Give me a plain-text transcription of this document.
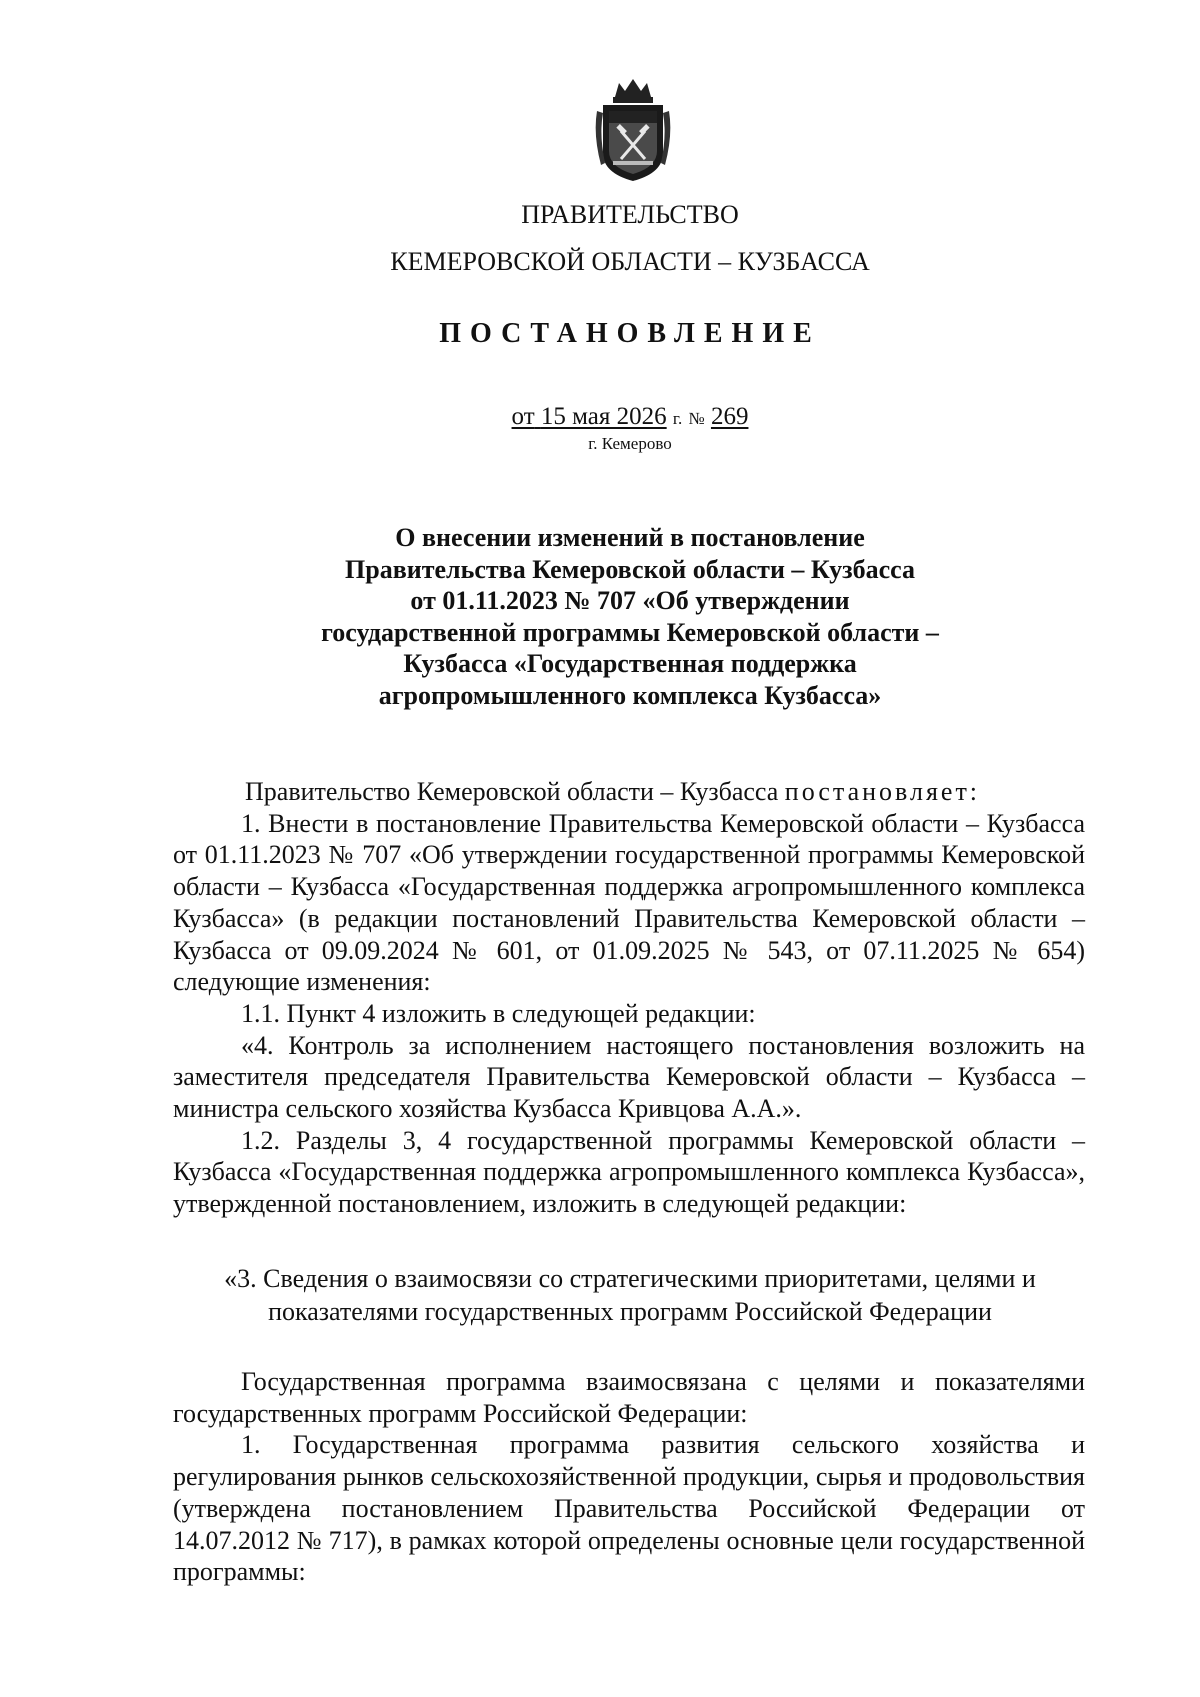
ПРАВИТЕЛЬСТВО
КЕМЕРОВСКОЙ ОБЛАСТИ – КУЗБАССА
ПОСТАНОВЛЕНИЕ
от 15 мая 2026 г. № 269
г. Кемерово
О внесении изменений в постановление
Правительства Кемеровской области – Кузбасса
от 01.11.2023 № 707 «Об утверждении
государственной программы Кемеровской области –
Кузбасса «Государственная поддержка
агропромышленного комплекса Кузбасса»

Правительство Кемеровской области – Кузбасса постановляет:

1. Внести в постановление Правительства Кемеровской области – Кузбасса от 01.11.2023 № 707 «Об утверждении государственной программы Кемеровской области – Кузбасса «Государственная поддержка агропромышленного комплекса Кузбасса» (в редакции постановлений Правительства Кемеровской области – Кузбасса от 09.09.2024 № 601, от 01.09.2025 № 543, от 07.11.2025 № 654) следующие изменения:

1.1. Пункт 4 изложить в следующей редакции:

«4. Контроль за исполнением настоящего постановления возложить на заместителя председателя Правительства Кемеровской области – Кузбасса – министра сельского хозяйства Кузбасса Кривцова А.А.».

1.2. Разделы 3, 4 государственной программы Кемеровской области – Кузбасса «Государственная поддержка агропромышленного комплекса Кузбасса», утвержденной постановлением, изложить в следующей редакции:

«3. Сведения о взаимосвязи со стратегическими приоритетами, целями и
показателями государственных программ Российской Федерации

Государственная программа взаимосвязана с целями и показателями государственных программ Российской Федерации:

1. Государственная программа развития сельского хозяйства и регулирования рынков сельскохозяйственной продукции, сырья и продовольствия (утверждена постановлением Правительства Российской Федерации от 14.07.2012 № 717), в рамках которой определены основные цели государственной программы:
